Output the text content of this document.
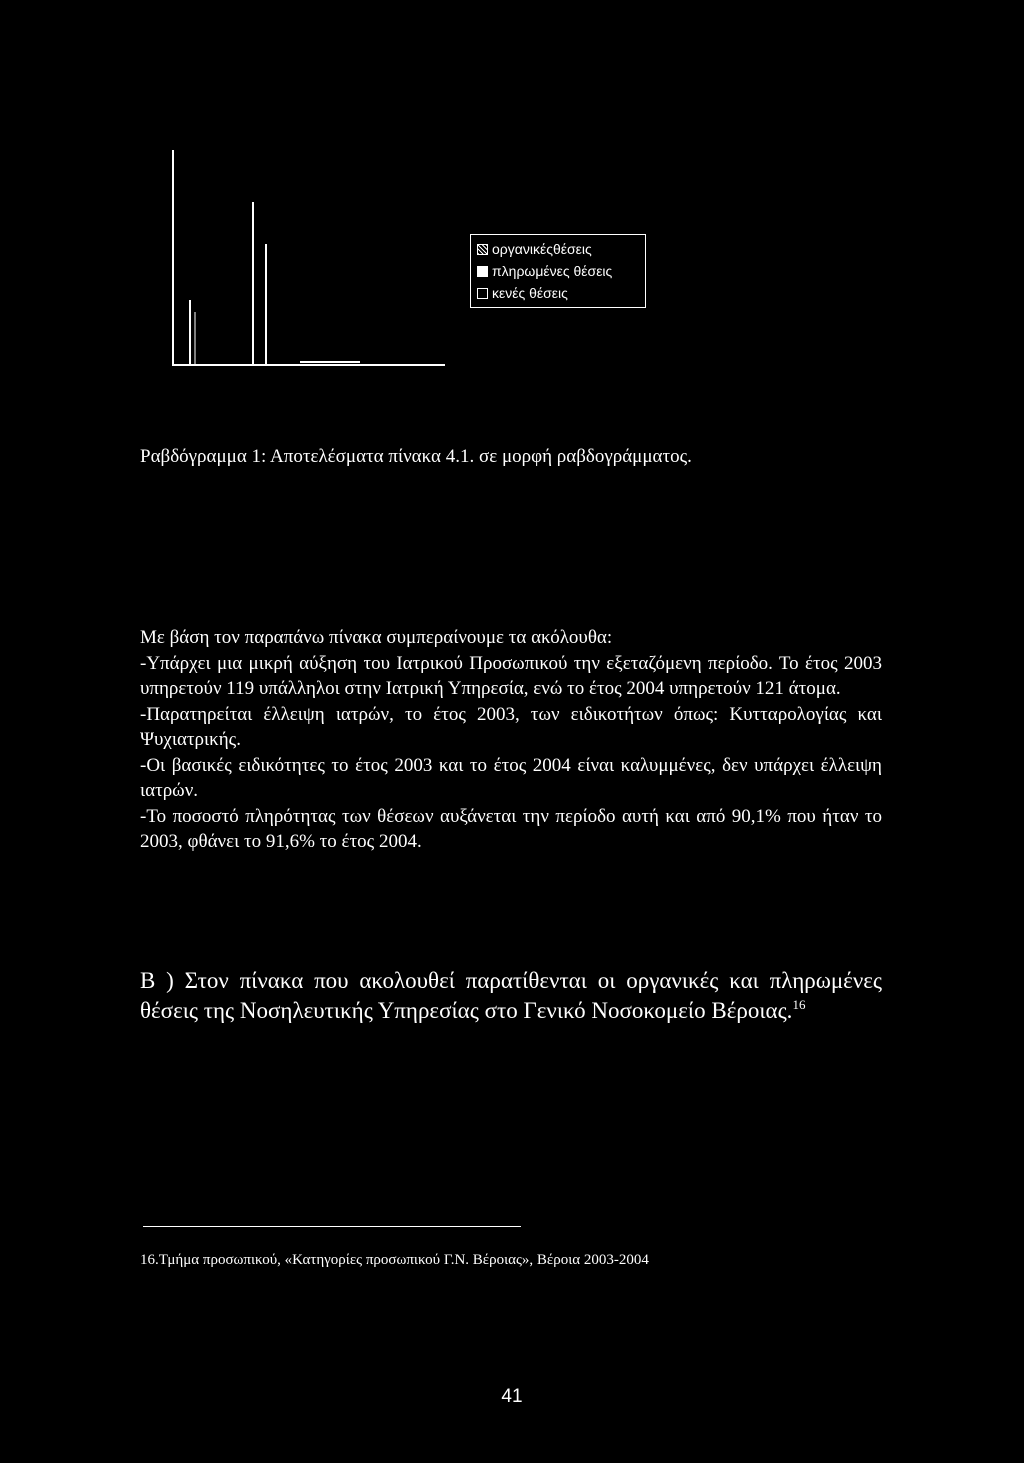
οργανικέςθέσεις
πληρωμένες θέσεις
κενές θέσεις
Ραβδόγραμμα 1: Αποτελέσματα πίνακα 4.1. σε μορφή ραβδογράμματος.

Με βάση τον παραπάνω πίνακα συμπεραίνουμε τα ακόλουθα:

-Υπάρχει μια μικρή αύξηση του Ιατρικού Προσωπικού την εξεταζόμενη περίοδο. Το έτος 2003 υπηρετούν 119 υπάλληλοι στην Ιατρική Υπηρεσία, ενώ το έτος 2004 υπηρετούν 121 άτομα.

-Παρατηρείται έλλειψη ιατρών, το έτος 2003, των ειδικοτήτων όπως: Κυτταρολογίας και Ψυχιατρικής.

-Οι βασικές ειδικότητες το έτος 2003 και το έτος 2004 είναι καλυμμένες, δεν υπάρχει έλλειψη ιατρών.

-Το ποσοστό πληρότητας των θέσεων αυξάνεται την περίοδο αυτή και από 90,1% που ήταν το 2003, φθάνει το 91,6% το έτος 2004.

Β ) Στον πίνακα που ακολουθεί παρατίθενται οι οργανικές και πληρωμένες θέσεις της Νοσηλευτικής Υπηρεσίας στο Γενικό Νοσοκομείο Βέροιας.$^{16}$
16.Τμήμα προσωπικού, «Κατηγορίες προσωπικού Γ.Ν. Βέροιας», Βέροια 2003-2004
41
